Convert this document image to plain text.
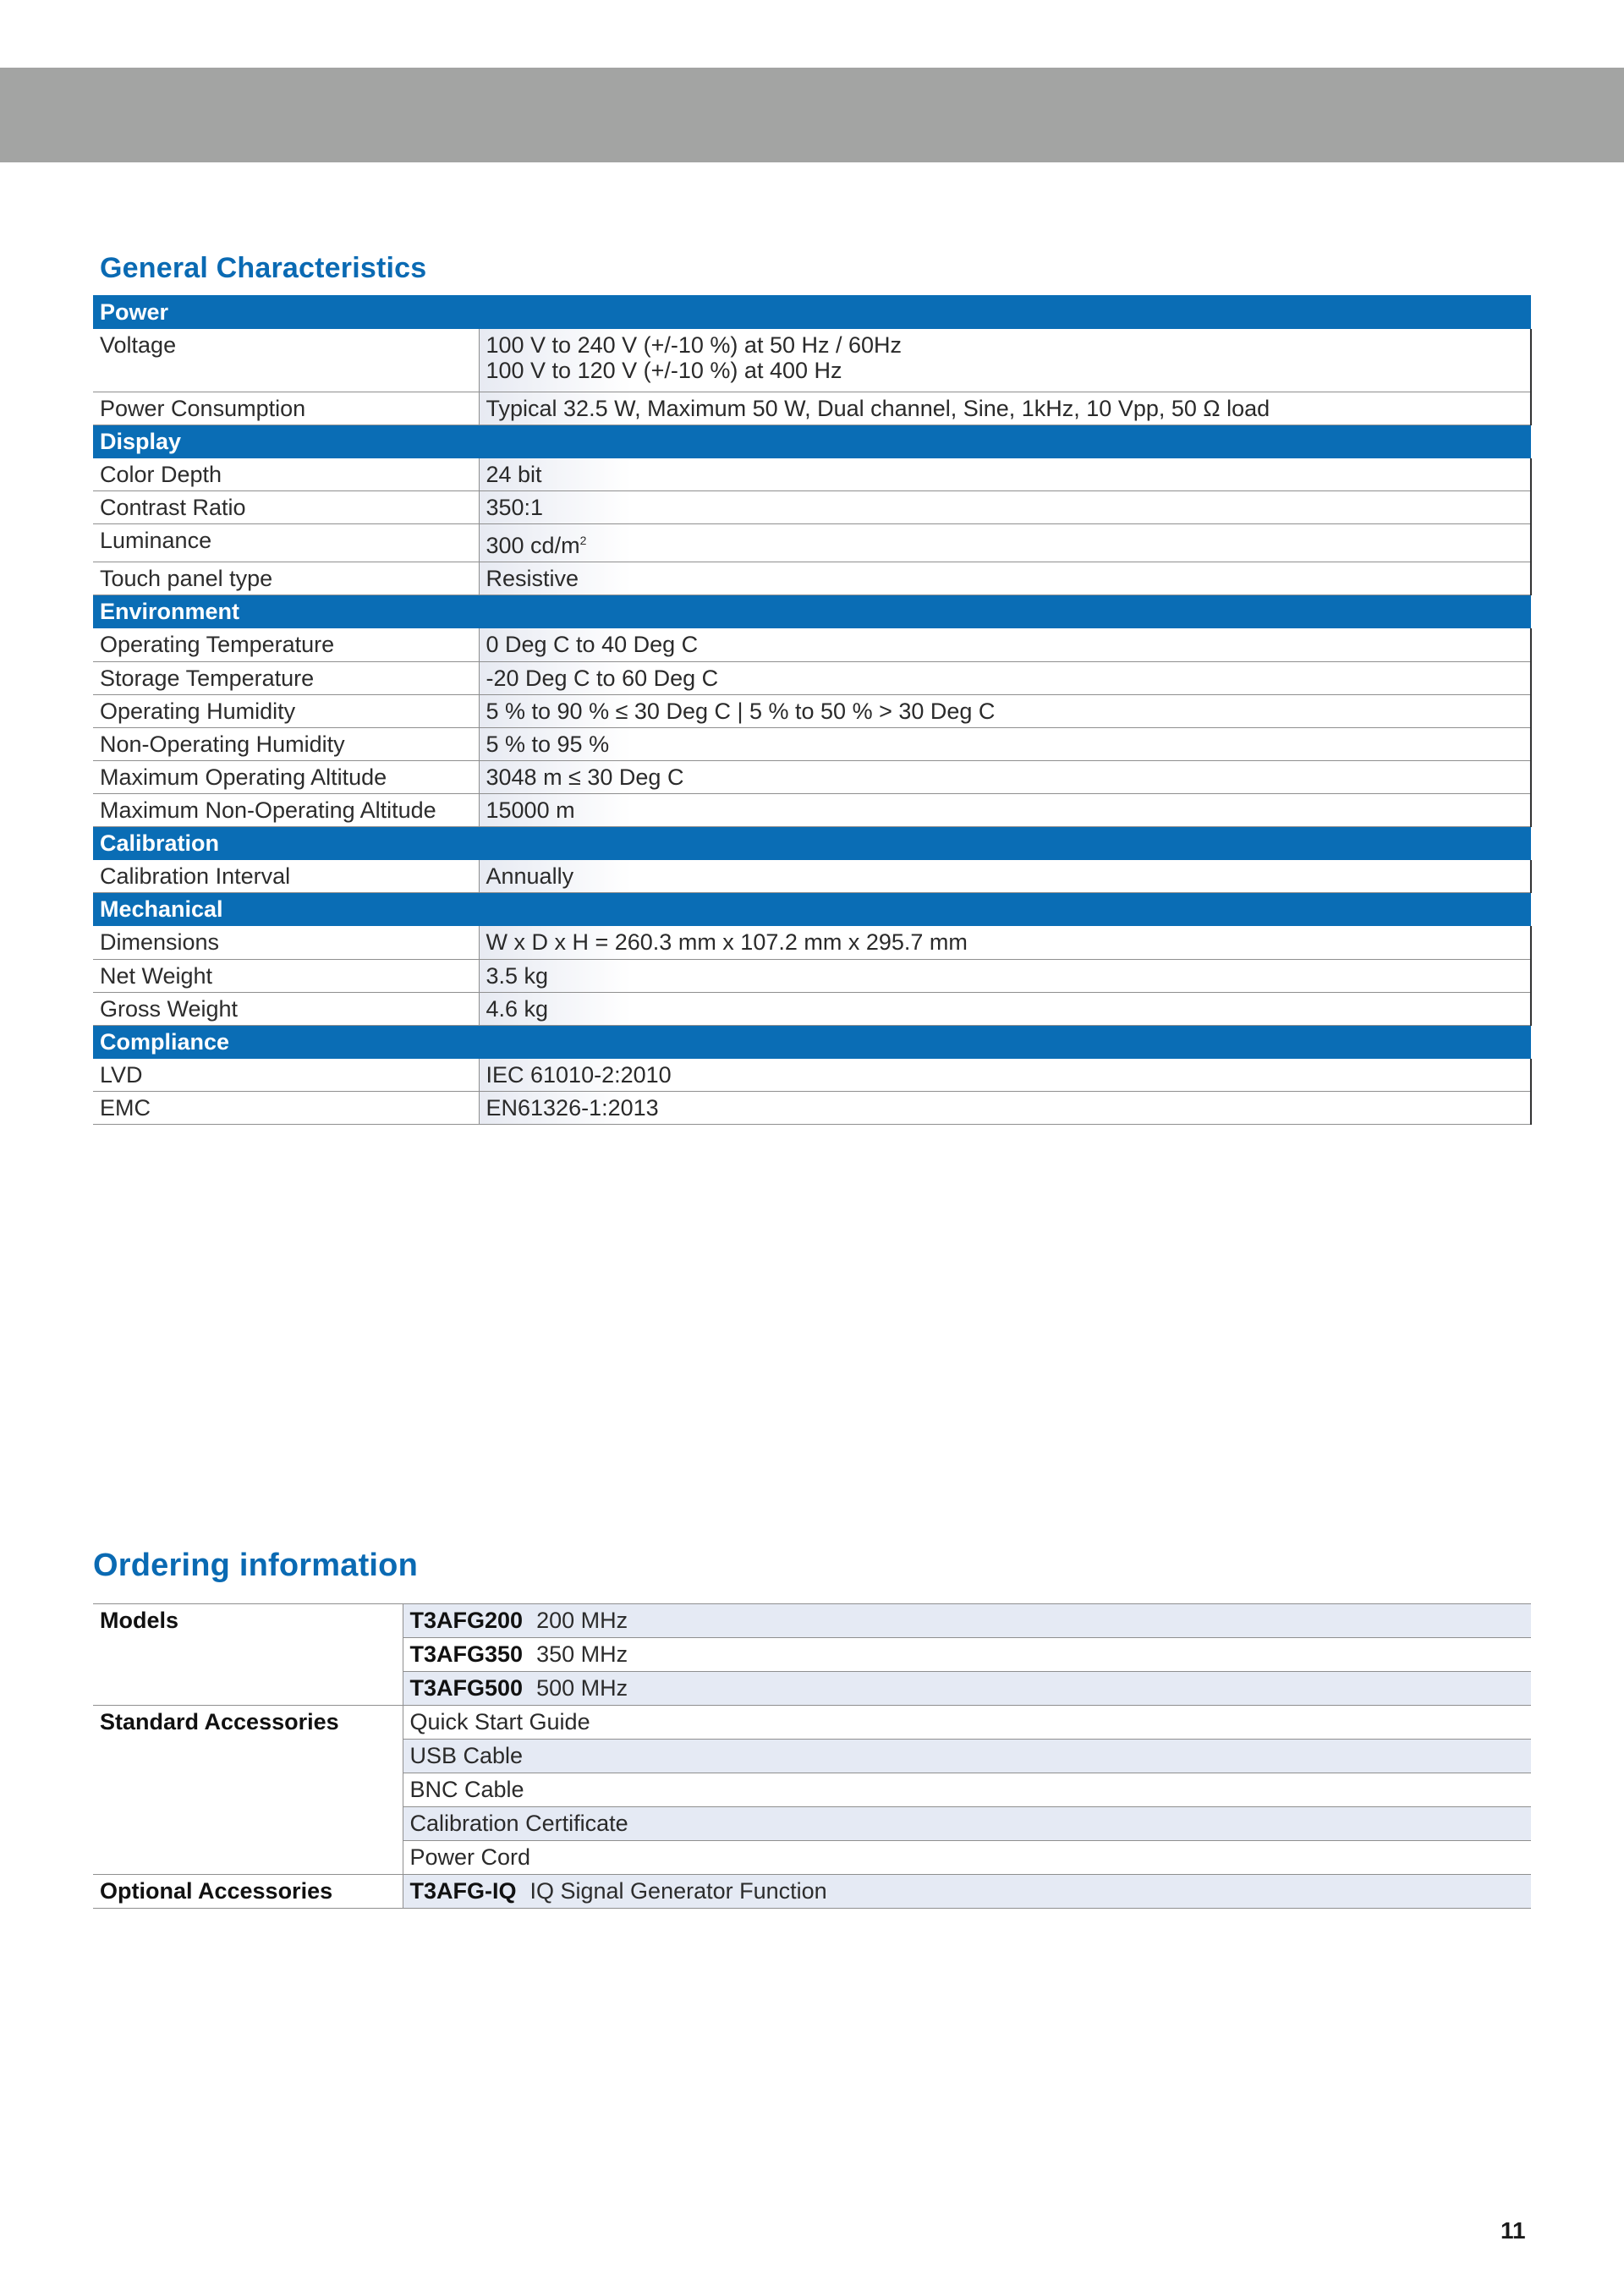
General Characteristics
Power	
Voltage	100 V to 240 V (+/-10 %) at 50 Hz / 60Hz
100 V to 120 V (+/-10 %) at 400 Hz

Power Consumption	Typical 32.5 W, Maximum 50 W, Dual channel, Sine, 1kHz, 10 Vpp, 50 Ω load

Display	
Color Depth	24 bit

Contrast Ratio	350:1

Luminance	300 $cd/m^2$

Touch panel type	Resistive

Environment	
Operating Temperature	0 Deg C to 40 Deg C

Storage Temperature	-20 Deg C to 60 Deg C

Operating Humidity	5 % to 90 % ≤ 30 Deg C | 5 % to 50 % > 30 Deg C

Non-Operating Humidity	5 % to 95 %

Maximum Operating Altitude	3048 m ≤ 30 Deg C

Maximum Non-Operating Altitude	15000 m

Calibration	
Calibration Interval	Annually

Mechanical	
Dimensions	W x D x H = 260.3 mm x 107.2 mm x 295.7 mm

Net Weight	3.5 kg

Gross Weight	4.6 kg

Compliance	
LVD	IEC 61010-2:2010

EMC	EN61326-1:2013
Ordering information
Models	T3AFG200 200 MHz
	T3AFG350 350 MHz
	T3AFG500 500 MHz
Standard Accessories	Quick Start Guide
	USB Cable
	BNC Cable
	Calibration Certificate
	Power Cord
Optional Accessories	T3AFG-IQ IQ Signal Generator Function
11
